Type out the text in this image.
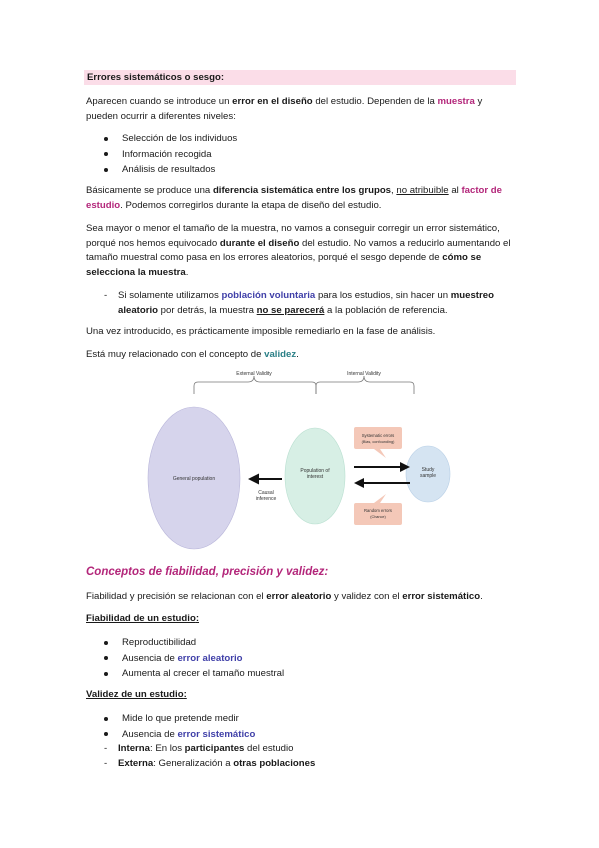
Errores sistemáticos o sesgo:

Aparecen cuando se introduce un error en el diseño del estudio. Dependen de la muestra y pueden ocurrir a diferentes niveles:

Selección de los individuos
Información recogida
Análisis de resultados

Básicamente se produce una diferencia sistemática entre los grupos, no atribuible al factor de estudio. Podemos corregirlos durante la etapa de diseño del estudio.

Sea mayor o menor el tamaño de la muestra, no vamos a conseguir corregir un error sistemático, porqué nos hemos equivocado durante el diseño del estudio. No vamos a reducirlo aumentando el tamaño muestral como pasa en los errores aleatorios, porqué el sesgo depende de cómo se selecciona la muestra.

- Si solamente utilizamos población voluntaria para los estudios, sin hacer un muestreo aleatorio por detrás, la muestra no se parecerá a la población de referencia.

Una vez introducido, es prácticamente imposible remediarlo en la fase de análisis.

Está muy relacionado con el concepto de validez.

External Validity	Internal Validity
General population
Population of
interest
Study
sample
Systematic errors
(Bias, confounding)
Random errors
(Chance)
Causal
inference
Conceptos de fiabilidad, precisión y validez:

Fiabilidad y precisión se relacionan con el error aleatorio y validez con el error sistemático.

Fiabilidad de un estudio:
Reproductibilidad
Ausencia de error aleatorio
Aumenta al crecer el tamaño muestral
Validez de un estudio:
Mide lo que pretende medir
Ausencia de error sistemático
- Interna: En los participantes del estudio
- Externa: Generalización a otras poblaciones
